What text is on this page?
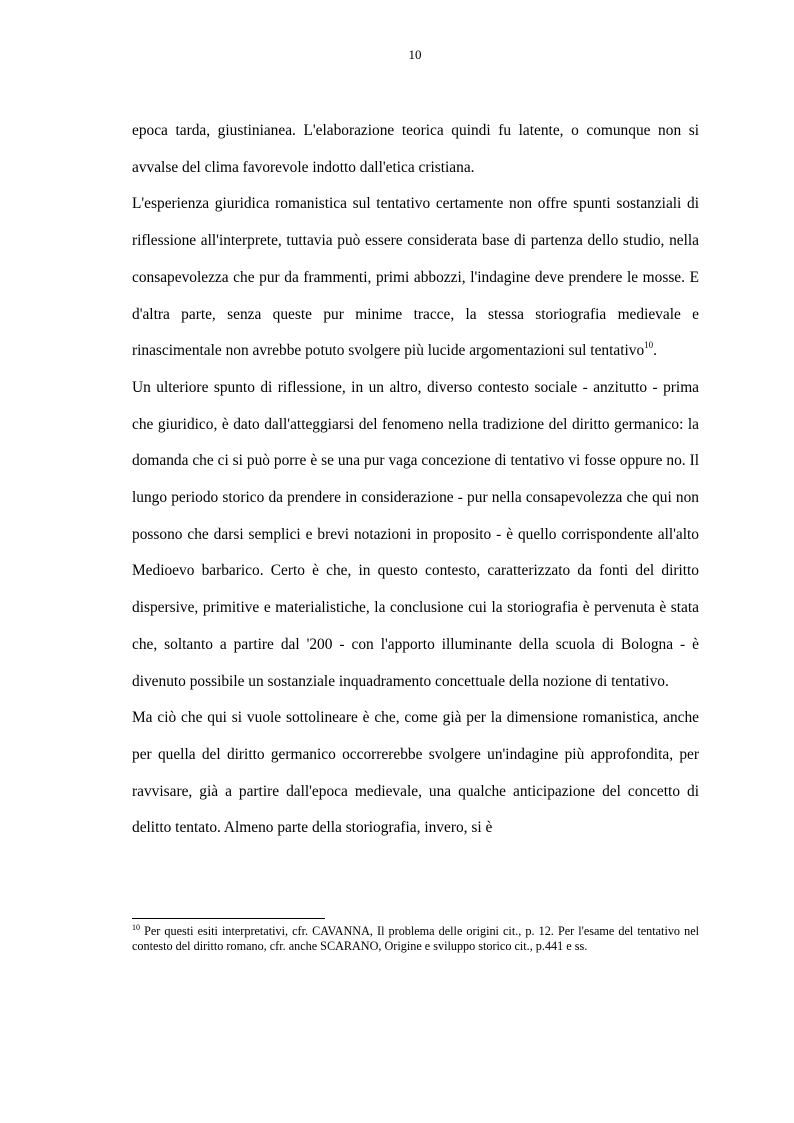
10

epoca tarda, giustinianea. L'elaborazione teorica quindi fu latente, o comunque non si avvalse del clima favorevole indotto dall'etica cristiana.

L'esperienza giuridica romanistica sul tentativo certamente non offre spunti sostanziali di riflessione all'interprete, tuttavia può essere considerata base di partenza dello studio, nella consapevolezza che pur da frammenti, primi abbozzi, l'indagine deve prendere le mosse. E d'altra parte, senza queste pur minime tracce, la stessa storiografia medievale e rinascimentale non avrebbe potuto svolgere più lucide argomentazioni sul tentativo$^{10}$.

Un ulteriore spunto di riflessione, in un altro, diverso contesto sociale - anzitutto - prima che giuridico, è dato dall'atteggiarsi del fenomeno nella tradizione del diritto germanico: la domanda che ci si può porre è se una pur vaga concezione di tentativo vi fosse oppure no. Il lungo periodo storico da prendere in considerazione - pur nella consapevolezza che qui non possono che darsi semplici e brevi notazioni in proposito - è quello corrispondente all'alto Medioevo barbarico. Certo è che, in questo contesto, caratterizzato da fonti del diritto dispersive, primitive e materialistiche, la conclusione cui la storiografia è pervenuta è stata che, soltanto a partire dal '200 - con l'apporto illuminante della scuola di Bologna - è divenuto possibile un sostanziale inquadramento concettuale della nozione di tentativo.

Ma ciò che qui si vuole sottolineare è che, come già per la dimensione romanistica, anche per quella del diritto germanico occorrerebbe svolgere un'indagine più approfondita, per ravvisare, già a partire dall'epoca medievale, una qualche anticipazione del concetto di delitto tentato. Almeno parte della storiografia, invero, si è

$^{10}$ Per questi esiti interpretativi, cfr. CAVANNA, Il problema delle origini cit., p. 12. Per l'esame del tentativo nel contesto del diritto romano, cfr. anche SCARANO, Origine e sviluppo storico cit., p.441 e ss.
